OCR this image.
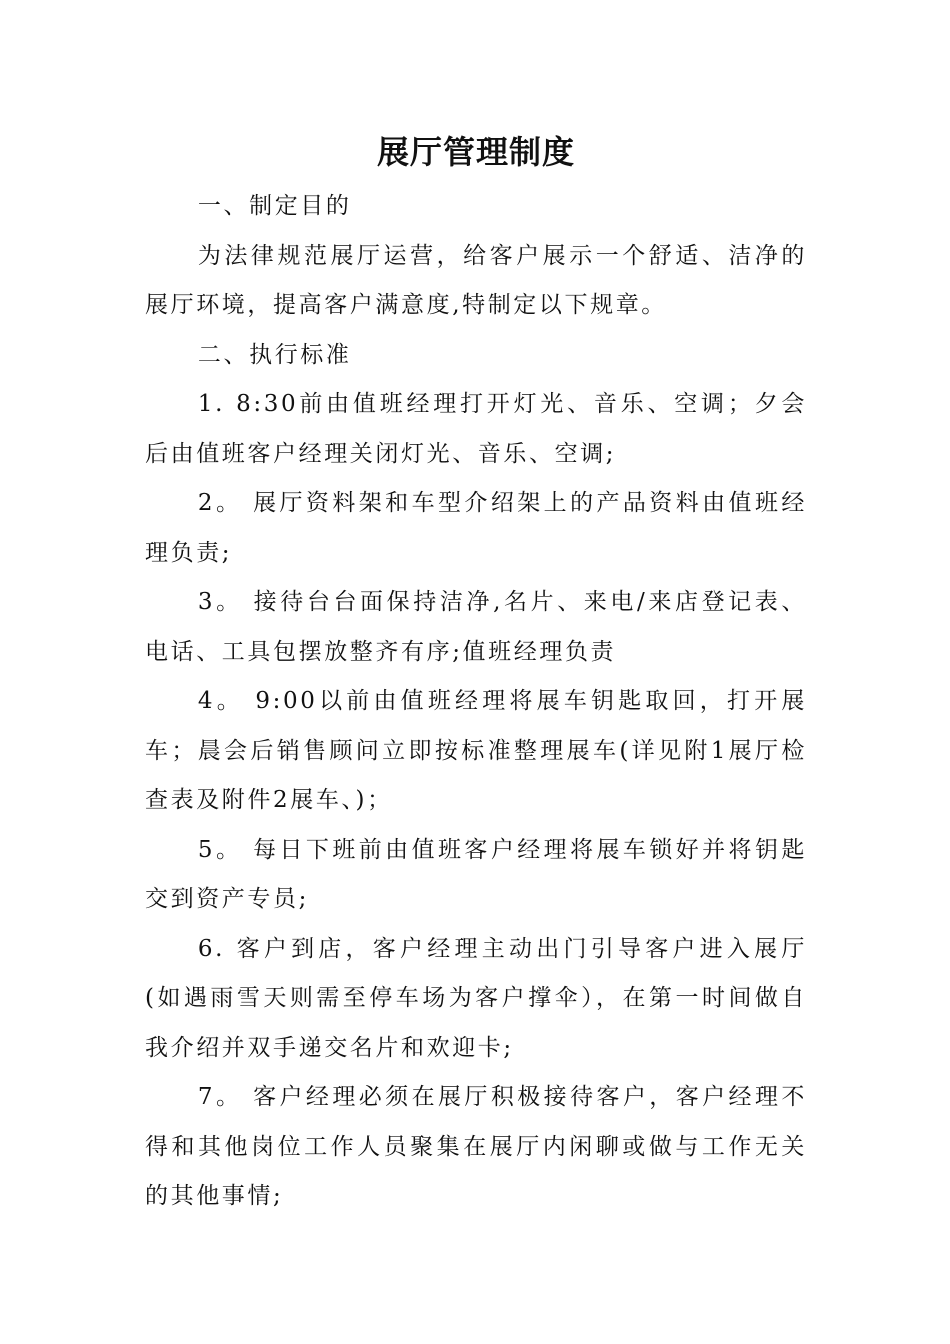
展厅管理制度

一、制定目的

为法律规范展厅运营，给客户展示一个舒适、洁净的展厅环境，提高客户满意度,特制定以下规章。

二、执行标准

1. 8:30前由值班经理打开灯光、音乐、空调；夕会后由值班客户经理关闭灯光、音乐、空调;

2。 展厅资料架和车型介绍架上的产品资料由值班经理负责;

3。 接待台台面保持洁净,名片、来电/来店登记表、电话、工具包摆放整齐有序;值班经理负责

4。 9:00以前由值班经理将展车钥匙取回，打开展车；晨会后销售顾问立即按标准整理展车(详见附1展厅检查表及附件2展车、)；

5。 每日下班前由值班客户经理将展车锁好并将钥匙交到资产专员;

6. 客户到店，客户经理主动出门引导客户进入展厅(如遇雨雪天则需至停车场为客户撑伞），在第一时间做自我介绍并双手递交名片和欢迎卡;

7。 客户经理必须在展厅积极接待客户，客户经理不得和其他岗位工作人员聚集在展厅内闲聊或做与工作无关的其他事情;
